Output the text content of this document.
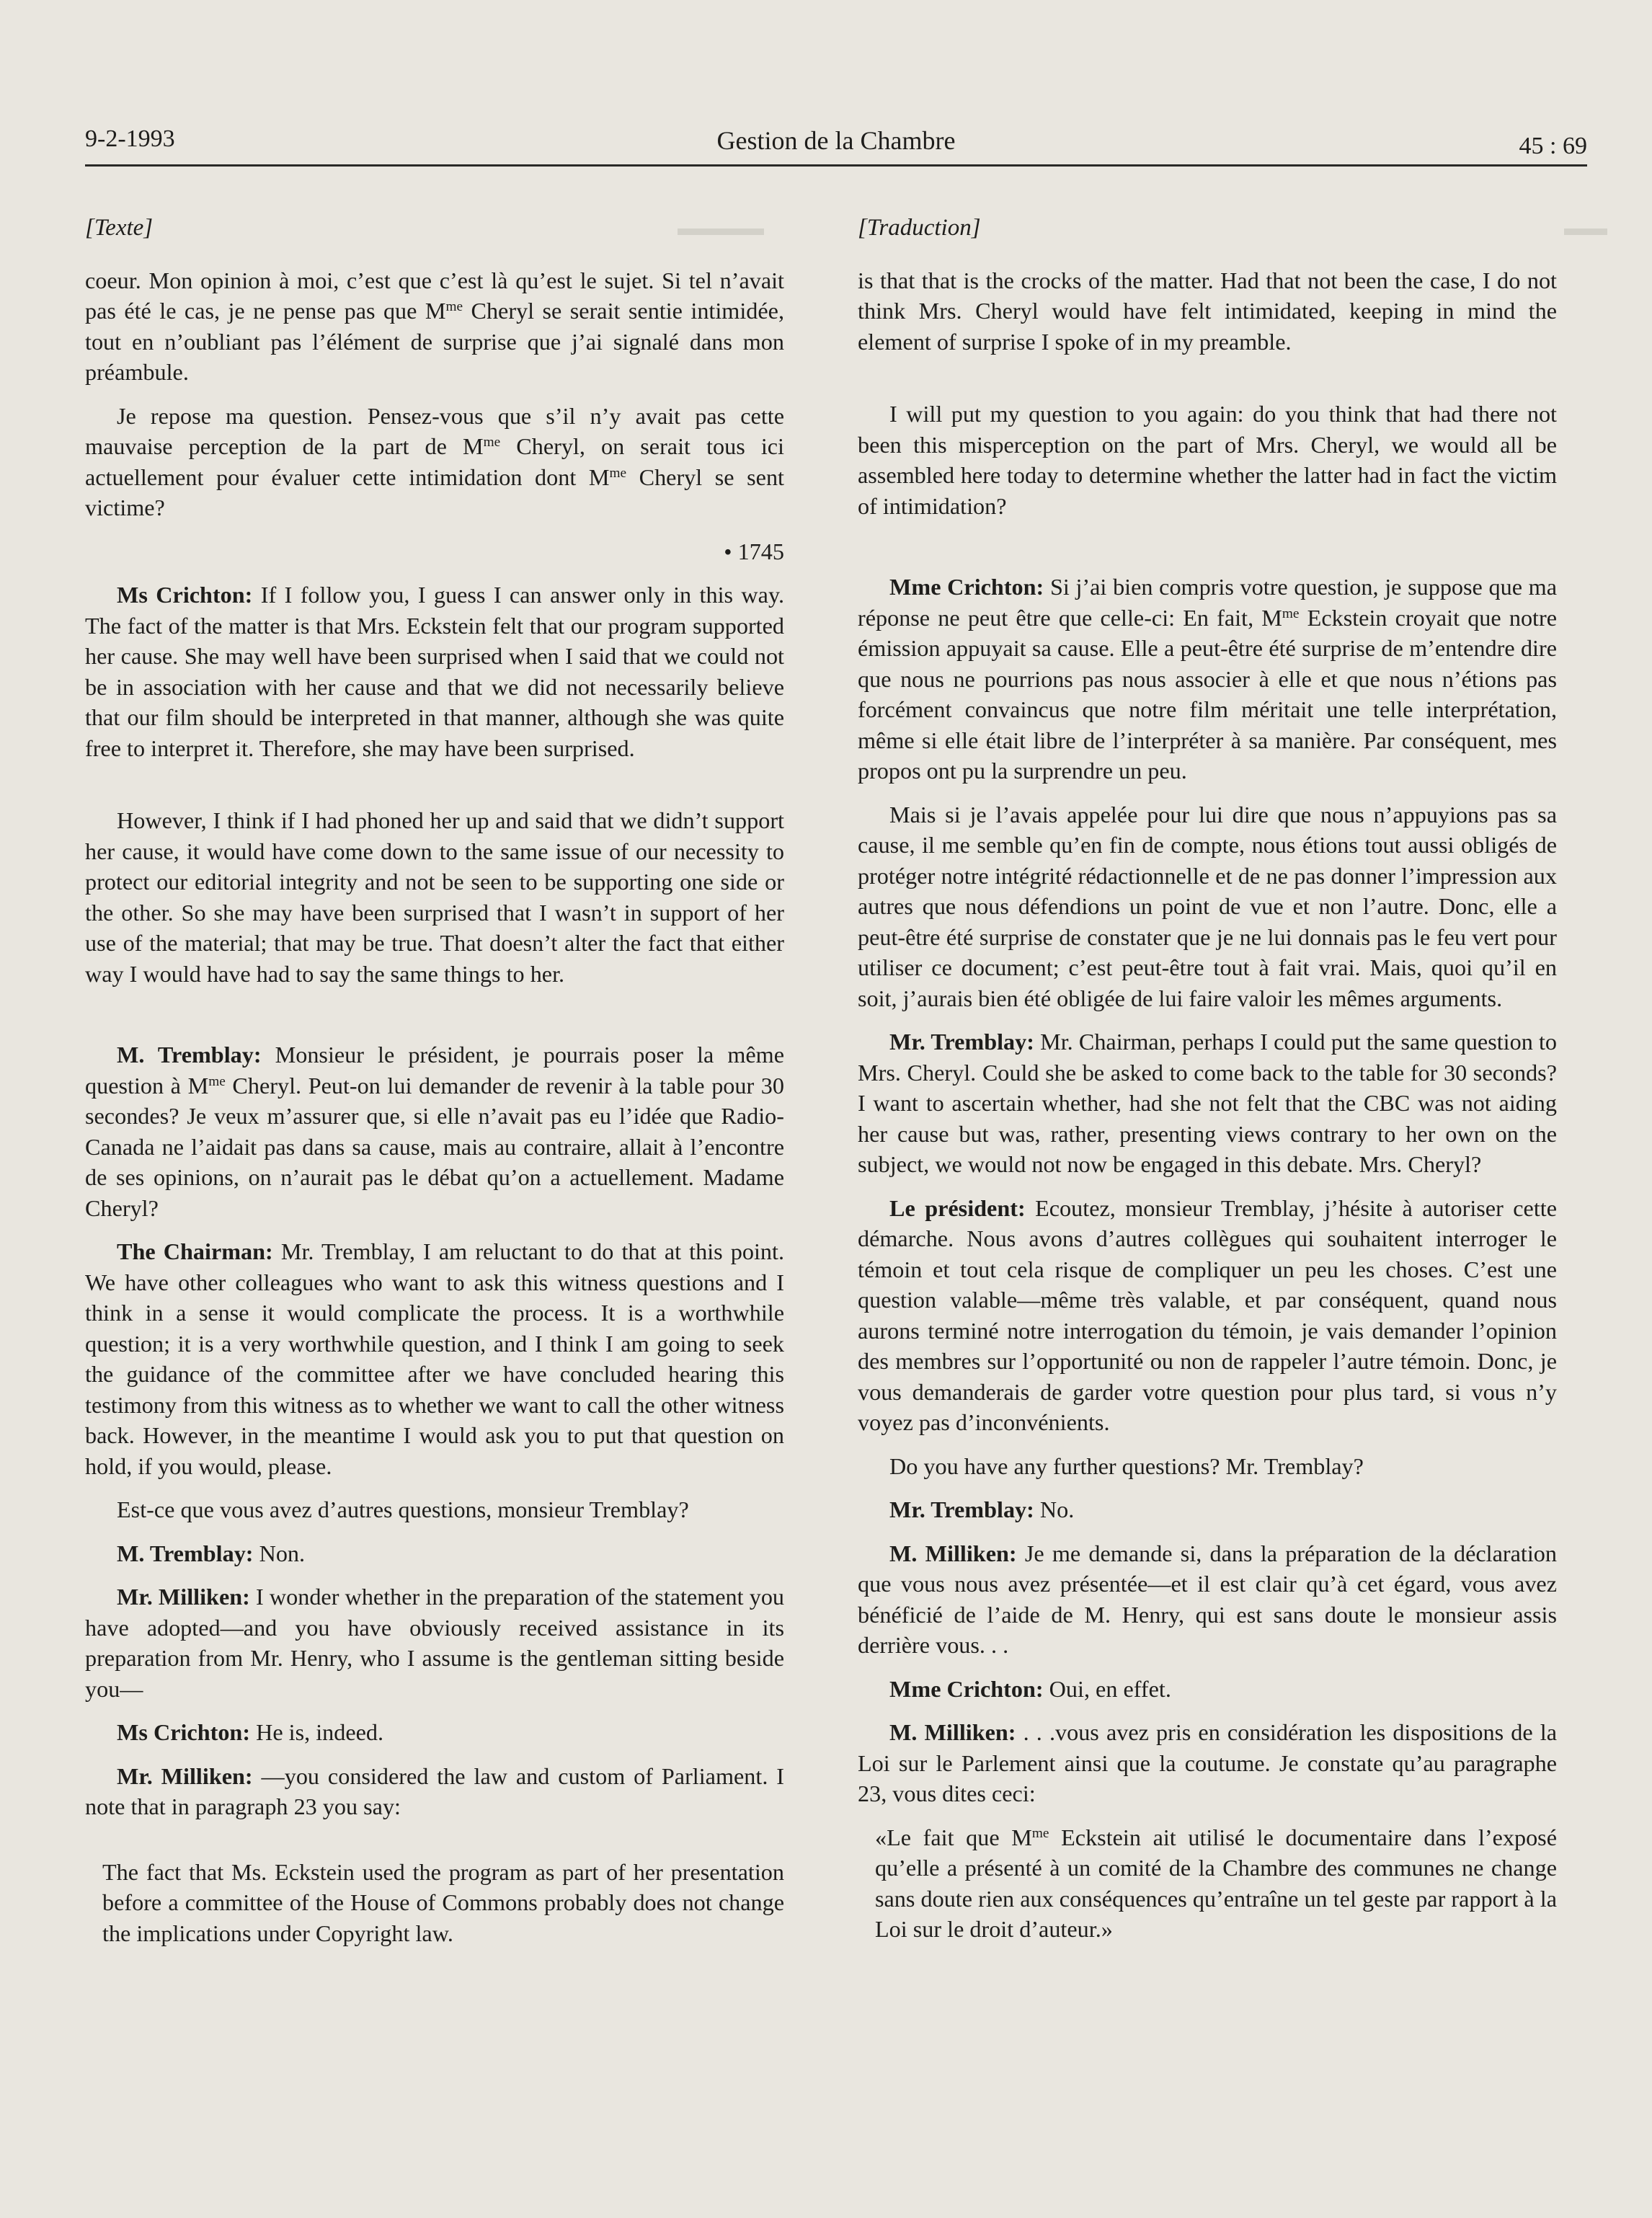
▬▬▬▬	▬▬
9-2-1993	Gestion de la Chambre	45 : 69
[Texte]

coeur. Mon opinion à moi, c’est que c’est là qu’est le sujet. Si tel n’avait pas été le cas, je ne pense pas que $M^{me}$ Cheryl se serait sentie intimidée, tout en n’oubliant pas l’élément de surprise que j’ai signalé dans mon préambule.

Je repose ma question. Pensez-vous que s’il n’y avait pas cette mauvaise perception de la part de $M^{me}$ Cheryl, on serait tous ici actuellement pour évaluer cette intimidation dont $M^{me}$ Cheryl se sent victime?

• 1745

Ms Crichton: If I follow you, I guess I can answer only in this way. The fact of the matter is that Mrs. Eckstein felt that our program supported her cause. She may well have been surprised when I said that we could not be in association with her cause and that we did not necessarily believe that our film should be interpreted in that manner, although she was quite free to interpret it. Therefore, she may have been surprised.

However, I think if I had phoned her up and said that we didn’t support her cause, it would have come down to the same issue of our necessity to protect our editorial integrity and not be seen to be supporting one side or the other. So she may have been surprised that I wasn’t in support of her use of the material; that may be true. That doesn’t alter the fact that either way I would have had to say the same things to her.

M. Tremblay: Monsieur le président, je pourrais poser la même question à $M^{me}$ Cheryl. Peut-on lui demander de revenir à la table pour 30 secondes? Je veux m’assurer que, si elle n’avait pas eu l’idée que Radio-Canada ne l’aidait pas dans sa cause, mais au contraire, allait à l’encontre de ses opinions, on n’aurait pas le débat qu’on a actuellement. Madame Cheryl?

The Chairman: Mr. Tremblay, I am reluctant to do that at this point. We have other colleagues who want to ask this witness questions and I think in a sense it would complicate the process. It is a worthwhile question; it is a very worthwhile question, and I think I am going to seek the guidance of the committee after we have concluded hearing this testimony from this witness as to whether we want to call the other witness back. However, in the meantime I would ask you to put that question on hold, if you would, please.

Est-ce que vous avez d’autres questions, monsieur Tremblay?

M. Tremblay: Non.

Mr. Milliken: I wonder whether in the preparation of the statement you have adopted—and you have obviously received assistance in its preparation from Mr. Henry, who I assume is the gentleman sitting beside you—

Ms Crichton: He is, indeed.

Mr. Milliken: —you considered the law and custom of Parliament. I note that in paragraph 23 you say:

The fact that Ms. Eckstein used the program as part of her presentation before a committee of the House of Commons probably does not change the implications under Copyright law.

[Traduction]

is that that is the crocks of the matter. Had that not been the case, I do not think Mrs. Cheryl would have felt intimidated, keeping in mind the element of surprise I spoke of in my preamble.

I will put my question to you again: do you think that had there not been this misperception on the part of Mrs. Cheryl, we would all be assembled here today to determine whether the latter had in fact the victim of intimidation?

Mme Crichton: Si j’ai bien compris votre question, je suppose que ma réponse ne peut être que celle-ci: En fait, $M^{me}$ Eckstein croyait que notre émission appuyait sa cause. Elle a peut-être été surprise de m’entendre dire que nous ne pourrions pas nous associer à elle et que nous n’étions pas forcément convaincus que notre film méritait une telle interprétation, même si elle était libre de l’interpréter à sa manière. Par conséquent, mes propos ont pu la surprendre un peu.

Mais si je l’avais appelée pour lui dire que nous n’appuyions pas sa cause, il me semble qu’en fin de compte, nous étions tout aussi obligés de protéger notre intégrité rédactionnelle et de ne pas donner l’impression aux autres que nous défendions un point de vue et non l’autre. Donc, elle a peut-être été surprise de constater que je ne lui donnais pas le feu vert pour utiliser ce document; c’est peut-être tout à fait vrai. Mais, quoi qu’il en soit, j’aurais bien été obligée de lui faire valoir les mêmes arguments.

Mr. Tremblay: Mr. Chairman, perhaps I could put the same question to Mrs. Cheryl. Could she be asked to come back to the table for 30 seconds? I want to ascertain whether, had she not felt that the CBC was not aiding her cause but was, rather, presenting views contrary to her own on the subject, we would not now be engaged in this debate. Mrs. Cheryl?

Le président: Ecoutez, monsieur Tremblay, j’hésite à autoriser cette démarche. Nous avons d’autres collègues qui souhaitent interroger le témoin et tout cela risque de compliquer un peu les choses. C’est une question valable—même très valable, et par conséquent, quand nous aurons terminé notre interrogation du témoin, je vais demander l’opinion des membres sur l’opportunité ou non de rappeler l’autre témoin. Donc, je vous demanderais de garder votre question pour plus tard, si vous n’y voyez pas d’inconvénients.

Do you have any further questions? Mr. Tremblay?

Mr. Tremblay: No.

M. Milliken: Je me demande si, dans la préparation de la déclaration que vous nous avez présentée—et il est clair qu’à cet égard, vous avez bénéficié de l’aide de M. Henry, qui est sans doute le monsieur assis derrière vous. . .

Mme Crichton: Oui, en effet.

M. Milliken: . . .vous avez pris en considération les dispositions de la Loi sur le Parlement ainsi que la coutume. Je constate qu’au paragraphe 23, vous dites ceci:

«Le fait que $M^{me}$ Eckstein ait utilisé le documentaire dans l’exposé qu’elle a présenté à un comité de la Chambre des communes ne change sans doute rien aux conséquences qu’entraîne un tel geste par rapport à la Loi sur le droit d’auteur.»
